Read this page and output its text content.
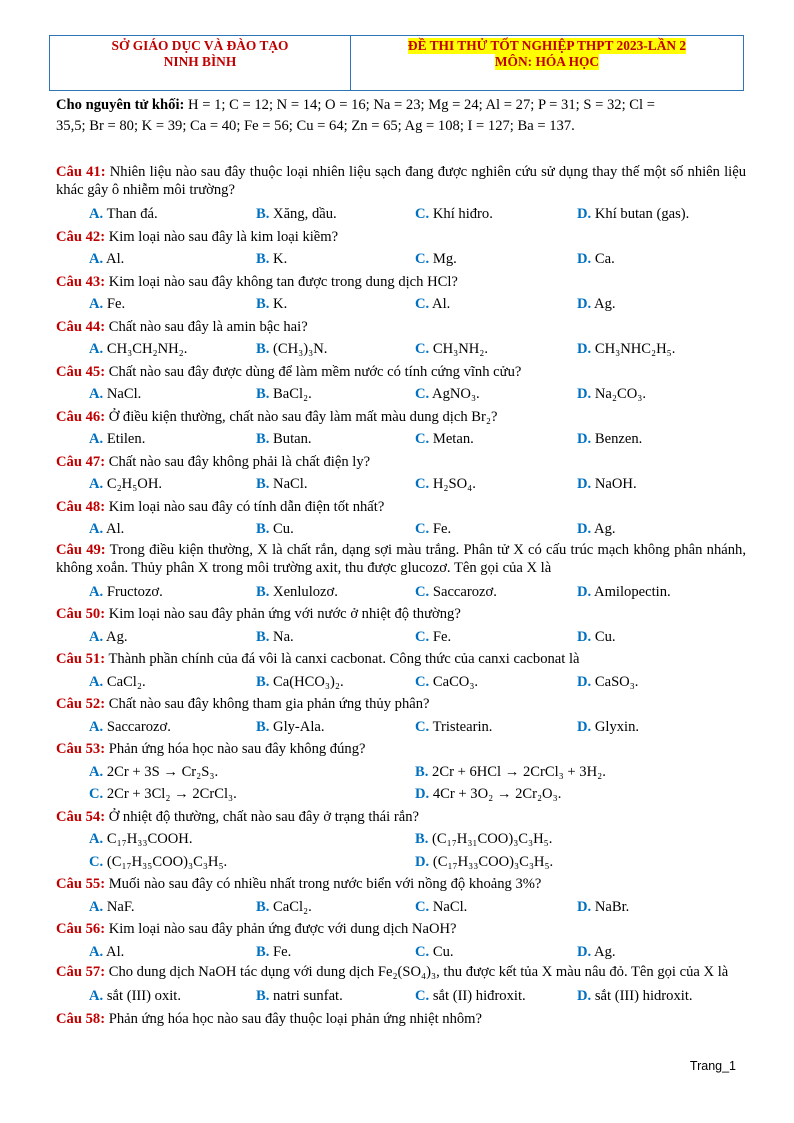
SỞ GIÁO DỤC VÀ ĐÀO TẠO
NINH BÌNH
ĐỀ THI THỬ TỐT NGHIỆP THPT 2023-LẦN 2
MÔN: HÓA HỌC
Cho nguyên tử khối: H = 1; C = 12; N = 14; O = 16; Na = 23; Mg = 24; Al = 27; P = 31; S = 32; Cl =
35,5; Br = 80; K = 39; Ca = 40; Fe = 56; Cu = 64; Zn = 65; Ag = 108; I = 127; Ba = 137.
Câu 41: Nhiên liệu nào sau đây thuộc loại nhiên liệu sạch đang được nghiên cứu sử dụng thay thế một số nhiên liệu khác gây ô nhiễm môi trường?
A. Than đá.	B. Xăng, dầu.	C. Khí hiđro.	D. Khí butan (gas).
Câu 42: Kim loại nào sau đây là kim loại kiềm?
A. Al.	B. K.	C. Mg.	D. Ca.
Câu 43: Kim loại nào sau đây không tan được trong dung dịch HCl?
A. Fe.	B. K.	C. Al.	D. Ag.
Câu 44: Chất nào sau đây là amin bậc hai?
A. CH₃CH₂NH₂.	B. (CH₃)₃N.	C. CH₃NH₂.	D. CH₃NHC₂H₅.
Câu 45: Chất nào sau đây được dùng để làm mềm nước có tính cứng vĩnh cửu?
A. NaCl.	B. BaCl₂.	C. AgNO₃.	D. Na₂CO₃.
Câu 46: Ở điều kiện thường, chất nào sau đây làm mất màu dung dịch Br₂?
A. Etilen.	B. Butan.	C. Metan.	D. Benzen.
Câu 47: Chất nào sau đây không phải là chất điện ly?
A. C₂H₅OH.	B. NaCl.	C. H₂SO₄.	D. NaOH.
Câu 48: Kim loại nào sau đây có tính dẫn điện tốt nhất?
A. Al.	B. Cu.	C. Fe.	D. Ag.
Câu 49: Trong điều kiện thường, X là chất rắn, dạng sợi màu trắng. Phân tử X có cấu trúc mạch không phân nhánh, không xoắn. Thủy phân X trong môi trường axit, thu được glucozơ. Tên gọi của X là
A. Fructozơ.	B. Xenlulozơ.	C. Saccarozơ.	D. Amilopectin.
Câu 50: Kim loại nào sau đây phản ứng với nước ở nhiệt độ thường?
A. Ag.	B. Na.	C. Fe.	D. Cu.
Câu 51: Thành phần chính của đá vôi là canxi cacbonat. Công thức của canxi cacbonat là
A. CaCl₂.	B. Ca(HCO₃)₂.	C. CaCO₃.	D. CaSO₃.
Câu 52: Chất nào sau đây không tham gia phản ứng thủy phân?
A. Saccarozơ.	B. Gly-Ala.	C. Tristearin.	D. Glyxin.
Câu 53: Phản ứng hóa học nào sau đây không đúng?
A. 2Cr + 3S → Cr₂S₃.	B. 2Cr + 6HCl → 2CrCl₃ + 3H₂.
C. 2Cr + 3Cl₂ → 2CrCl₃.	D. 4Cr + 3O₂ → 2Cr₂O₃.
Câu 54: Ở nhiệt độ thường, chất nào sau đây ở trạng thái rắn?
A. C₁₇H₃₃COOH.	B. (C₁₇H₃₁COO)₃C₃H₅.
C. (C₁₇H₃₅COO)₃C₃H₅.	D. (C₁₇H₃₃COO)₃C₃H₅.
Câu 55: Muối nào sau đây có nhiều nhất trong nước biển với nồng độ khoảng 3%?
A. NaF.	B. CaCl₂.	C. NaCl.	D. NaBr.
Câu 56: Kim loại nào sau đây phản ứng được với dung dịch NaOH?
A. Al.	B. Fe.	C. Cu.	D. Ag.
Câu 57: Cho dung dịch NaOH tác dụng với dung dịch Fe₂(SO₄)₃, thu được kết tủa X màu nâu đỏ. Tên gọi của X là
A. sắt (III) oxit.	B. natri sunfat.	C. sắt (II) hiđroxit.	D. sắt (III) hidroxit.
Câu 58: Phản ứng hóa học nào sau đây thuộc loại phản ứng nhiệt nhôm?
Trang_1
